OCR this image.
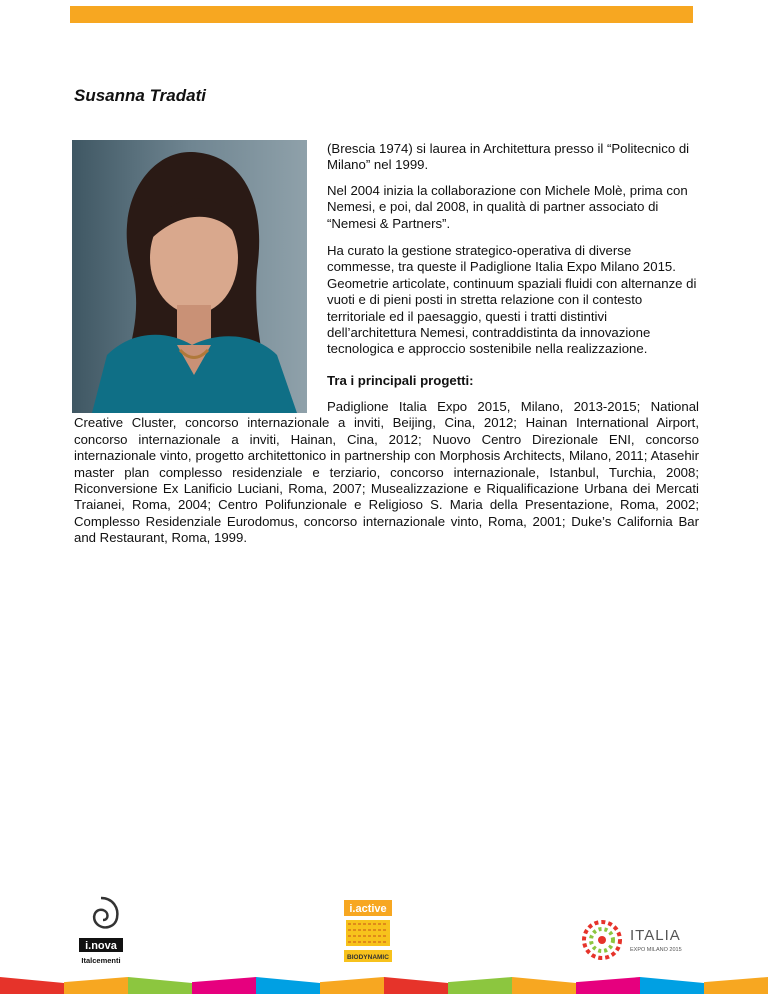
Susanna Tradati

(Brescia 1974) si laurea in Architettura presso il “Politecnico di Milano” nel 1999.

Nel 2004 inizia la collaborazione con Michele Molè, prima con Nemesi, e poi, dal 2008, in qualità di partner associato di “Nemesi & Partners”.

Ha curato la gestione strategico-operativa di diverse commesse, tra queste il Padiglione Italia Expo Milano 2015. Geometrie articolate, continuum spaziali fluidi con alternanze di vuoti e di pieni posti in stretta relazione con il contesto territoriale ed il paesaggio, questi i tratti distintivi dell’architettura Nemesi, contraddistinta da innovazione tecnologica e approccio sostenibile nella realizzazione.

Tra i principali progetti:

Padiglione Italia Expo 2015, Milano, 2013-2015; National Creative Cluster, concorso internazionale a inviti, Beijing, Cina, 2012; Hainan International Airport, concorso internazionale a inviti, Hainan, Cina, 2012; Nuovo Centro Direzionale ENI, concorso internazionale vinto, progetto architettonico in partnership con Morphosis Architects, Milano, 2011; Atasehir master plan complesso residenziale e terziario, concorso internazionale, Istanbul, Turchia, 2008; Riconversione Ex Lanificio Luciani, Roma, 2007; Musealizzazione e Riqualificazione Urbana dei Mercati Traianei, Roma, 2004; Centro Polifunzionale e Religioso S. Maria della Presentazione, Roma, 2002; Complesso Residenziale Eurodomus, concorso internazionale vinto, Roma, 2001; Duke’s California Bar and Restaurant, Roma, 1999.

i.nova
Italcementi
i.active
BIODYNAMIC
ITALIA
EXPO MILANO 2015
